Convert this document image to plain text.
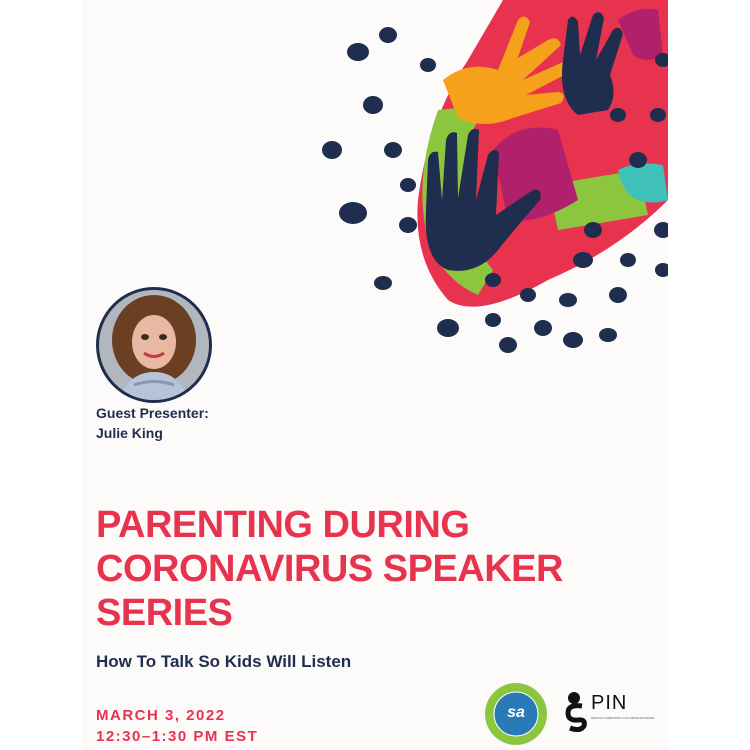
Guest Presenter:
Julie King
PARENTING DURING
CORONAVIRUS SPEAKER
SERIES
How To Talk So Kids Will Listen
MARCH 3, 2022
12:30–1:30 PM EST
sa	PIN
SPECIAL PARENTING INCLUSIVE NETWORK
